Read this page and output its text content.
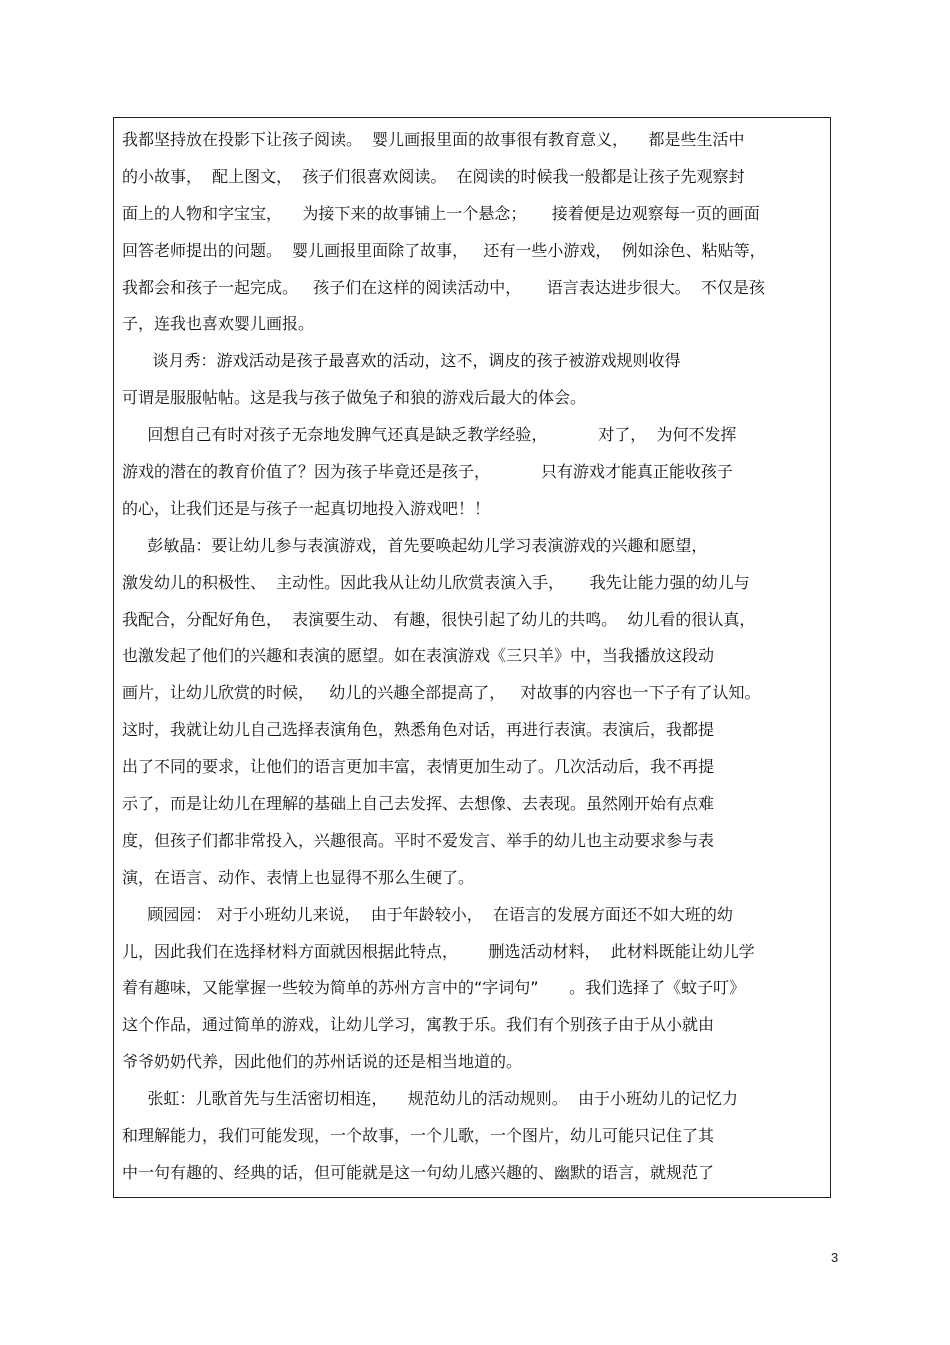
我都坚持放在投影下让孩子阅读。  婴儿画报里面的故事很有教育意义，    都是些生活中
的小故事，  配上图文，  孩子们很喜欢阅读。  在阅读的时候我一般都是让孩子先观察封
面上的人物和字宝宝，    为接下来的故事铺上一个悬念；     接着便是边观察每一页的画面
回答老师提出的问题。  婴儿画报里面除了故事，   还有一些小游戏，  例如涂色、粘贴等，
我都会和孩子一起完成。   孩子们在这样的阅读活动中，     语言表达进步很大。  不仅是孩
子，连我也喜欢婴儿画报。
谈月秀：游戏活动是孩子最喜欢的活动，这不，调皮的孩子被游戏规则收得
可谓是服服帖帖。这是我与孩子做兔子和狼的游戏后最大的体会。
回想自己有时对孩子无奈地发脾气还真是缺乏教学经验，          对了，  为何不发挥
游戏的潜在的教育价值了？因为孩子毕竟还是孩子，          只有游戏才能真正能收孩子
的心，让我们还是与孩子一起真切地投入游戏吧！！
彭敏晶：要让幼儿参与表演游戏，首先要唤起幼儿学习表演游戏的兴趣和愿望，
激发幼儿的积极性、  主动性。因此我从让幼儿欣赏表演入手，     我先让能力强的幼儿与
我配合，分配好角色，  表演要生动、 有趣，很快引起了幼儿的共鸣。  幼儿看的很认真，
也激发起了他们的兴趣和表演的愿望。如在表演游戏《三只羊》中，当我播放这段动
画片，让幼儿欣赏的时候，   幼儿的兴趣全部提高了，   对故事的内容也一下子有了认知。
这时，我就让幼儿自己选择表演角色，熟悉角色对话，再进行表演。表演后，我都提
出了不同的要求，让他们的语言更加丰富，表情更加生动了。几次活动后，我不再提
示了，而是让幼儿在理解的基础上自己去发挥、去想像、去表现。虽然刚开始有点难
度，但孩子们都非常投入，兴趣很高。平时不爱发言、举手的幼儿也主动要求参与表
演，在语言、动作、表情上也显得不那么生硬了。
顾园园： 对于小班幼儿来说，  由于年龄较小，  在语言的发展方面还不如大班的幼
儿，因此我们在选择材料方面就因根据此特点，      删选活动材料，  此材料既能让幼儿学
着有趣味，又能掌握一些较为简单的苏州方言中的“字词句”      。我们选择了《蚊子叮》
这个作品，通过简单的游戏，让幼儿学习，寓教于乐。我们有个别孩子由于从小就由
爷爷奶奶代养，因此他们的苏州话说的还是相当地道的。
张虹：儿歌首先与生活密切相连，    规范幼儿的活动规则。  由于小班幼儿的记忆力
和理解能力，我们可能发现，一个故事，一个儿歌，一个图片，幼儿可能只记住了其
中一句有趣的、经典的话，但可能就是这一句幼儿感兴趣的、幽默的语言，就规范了
3
